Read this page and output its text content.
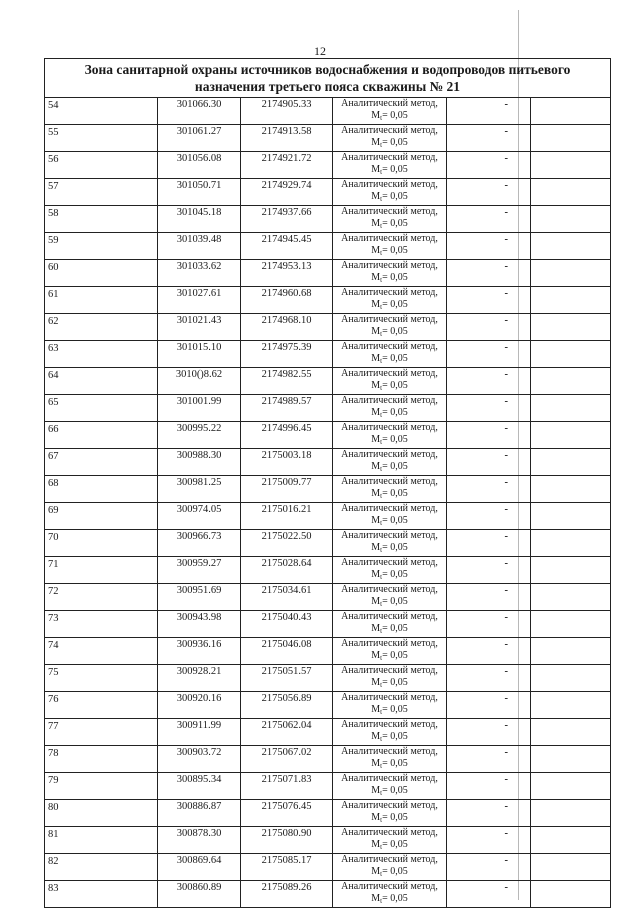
12
Зона санитарной охраны источников водоснабжения и водопроводов питьевого
назначения третьего пояса скважины № 21					
54	301066.30	2174905.33	Аналитический метод,
$M_t= 0,05$	-	
55	301061.27	2174913.58	Аналитический метод,
$M_t= 0,05$	-	
56	301056.08	2174921.72	Аналитический метод,
$M_t= 0,05$	-	
57	301050.71	2174929.74	Аналитический метод,
$M_t= 0,05$	-	
58	301045.18	2174937.66	Аналитический метод,
$M_t= 0,05$	-	
59	301039.48	2174945.45	Аналитический метод,
$M_t= 0,05$	-	
60	301033.62	2174953.13	Аналитический метод,
$M_t= 0,05$	-	
61	301027.61	2174960.68	Аналитический метод,
$M_t= 0,05$	-	
62	301021.43	2174968.10	Аналитический метод,
$M_t= 0,05$	-	
63	301015.10	2174975.39	Аналитический метод,
$M_t= 0,05$	-	
64	3010()8.62	2174982.55	Аналитический метод,
$M_t= 0,05$	-	
65	301001.99	2174989.57	Аналитический метод,
$M_t= 0,05$	-	
66	300995.22	2174996.45	Аналитический метод,
$M_t= 0,05$	-	
67	300988.30	2175003.18	Аналитический метод,
$M_t= 0,05$	-	
68	300981.25	2175009.77	Аналитический метод,
$M_t= 0,05$	-	
69	300974.05	2175016.21	Аналитический метод,
$M_t= 0,05$	-	
70	300966.73	2175022.50	Аналитический метод,
$M_t= 0,05$	-	
71	300959.27	2175028.64	Аналитический метод,
$M_t= 0,05$	-	
72	300951.69	2175034.61	Аналитический метод,
$M_t= 0,05$	-	
73	300943.98	2175040.43	Аналитический метод,
$M_t= 0,05$	-	
74	300936.16	2175046.08	Аналитический метод,
$M_t= 0,05$	-	
75	300928.21	2175051.57	Аналитический метод,
$M_t= 0,05$	-	
76	300920.16	2175056.89	Аналитический метод,
$M_t= 0,05$	-	
77	300911.99	2175062.04	Аналитический метод,
$M_t= 0,05$	-	
78	300903.72	2175067.02	Аналитический метод,
$M_t= 0,05$	-	
79	300895.34	2175071.83	Аналитический метод,
$M_t= 0,05$	-	
80	300886.87	2175076.45	Аналитический метод,
$M_t= 0,05$	-	
81	300878.30	2175080.90	Аналитический метод,
$M_t= 0,05$	-	
82	300869.64	2175085.17	Аналитический метод,
$M_t= 0,05$	-	
83	300860.89	2175089.26	Аналитический метод,
$M_t= 0,05$	-	
